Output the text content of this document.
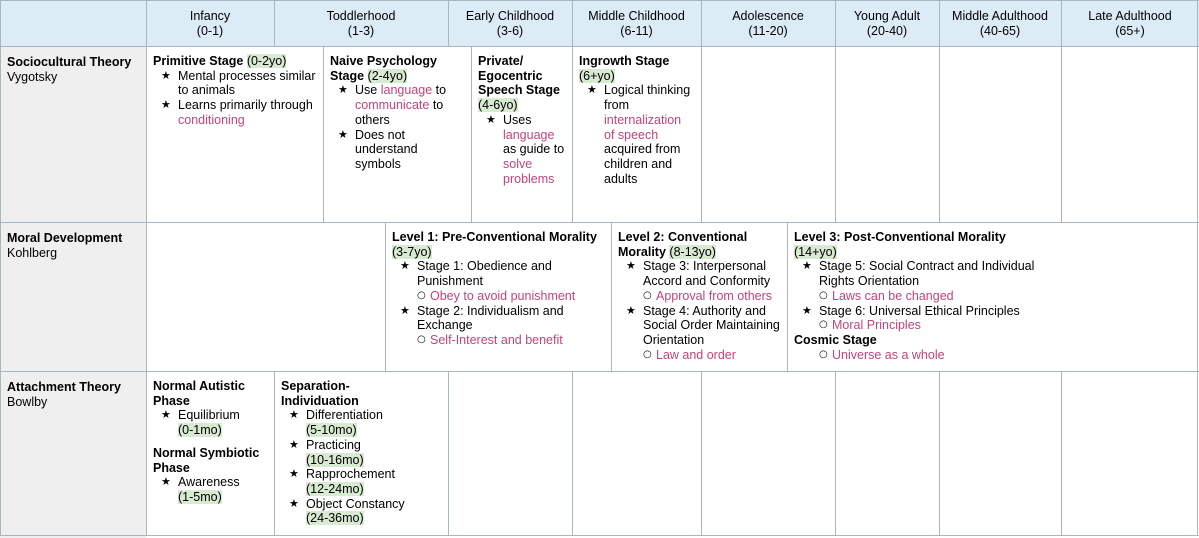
Infancy
(0-1)
Toddlerhood
(1-3)
Early Childhood
(3-6)
Middle Childhood
(6-11)
Adolescence
(11-20)
Young Adult
(20-40)
Middle Adulthood
(40-65)
Late Adulthood
(65+)
Sociocultural Theory
Vygotsky
Moral Development
Kohlberg
Attachment Theory
Bowlby
Primitive Stage (0-2yo)
★ Mental processes similar to animals
★ Learns primarily through conditioning
Naive Psychology Stage (2-4yo)
★ Use language to communicate to others
★ Does not understand symbols
Private/ Egocentric Speech Stage (4-6yo)
★ Uses language as guide to solve problems
Ingrowth Stage
(6+yo)
★ Logical thinking from internalization of speech acquired from children and adults
Level 1: Pre-Conventional Morality
(3-7yo)
★ Stage 1: Obedience and Punishment
○ Obey to avoid punishment
★ Stage 2: Individualism and Exchange
○ Self-Interest and benefit
Level 2: Conventional Morality (8-13yo)
★ Stage 3: Interpersonal Accord and Conformity
○ Approval from others
★ Stage 4: Authority and Social Order Maintaining Orientation
○ Law and order
Level 3: Post-Conventional Morality
(14+yo)
★ Stage 5: Social Contract and Individual Rights Orientation
○ Laws can be changed
★ Stage 6: Universal Ethical Principles
○ Moral Principles
Cosmic Stage
○ Universe as a whole
Normal Autistic Phase
★ Equilibrium
(0-1mo)
Normal Symbiotic Phase
★ Awareness
(1-5mo)
Separation-Individuation
★ Differentiation
(5-10mo)
★ Practicing
(10-16mo)
★ Rapprochement
(12-24mo)
★ Object Constancy
(24-36mo)
